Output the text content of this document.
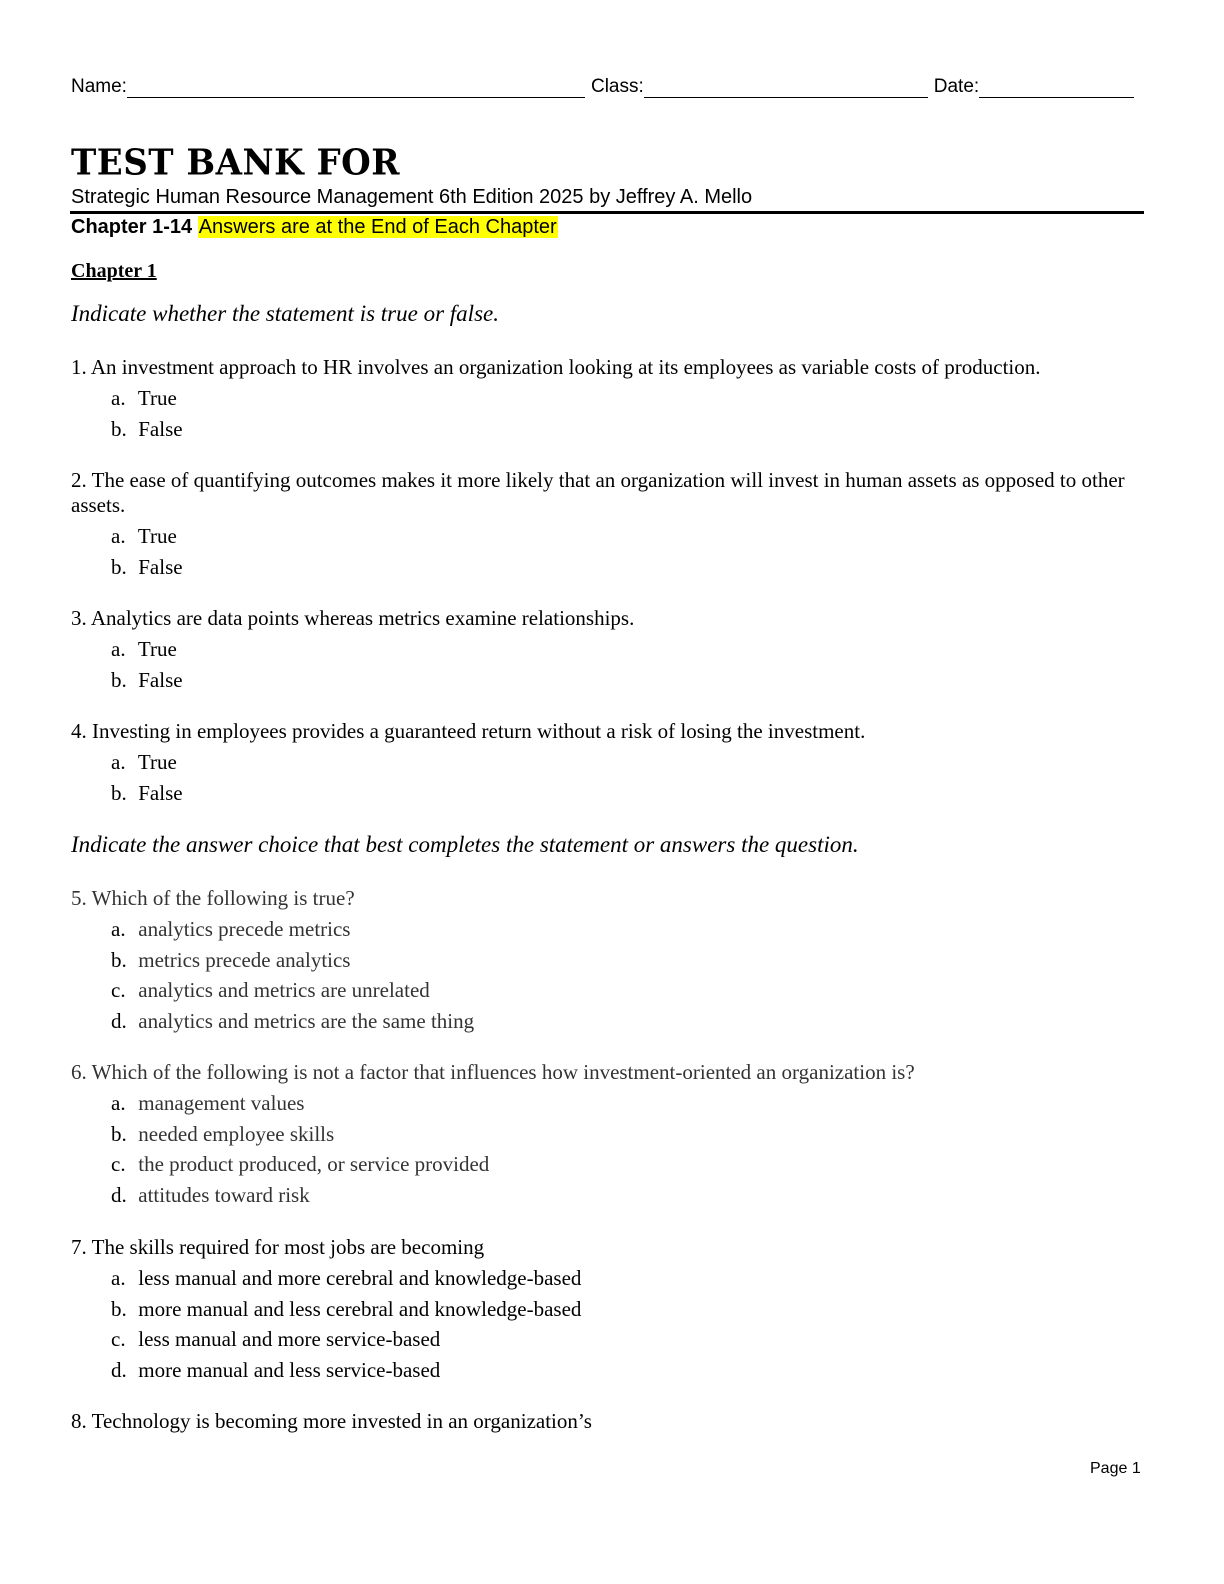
Name:	Class:	Date:
TEST BANK FOR
Strategic Human Resource Management 6th Edition 2025 by Jeffrey A. Mello
Chapter 1-14 Answers are at the End of Each Chapter
Chapter 1
Indicate whether the statement is true or false.

1. An investment approach to HR involves an organization looking at its employees as variable costs of production.

a. True
b. False

2. The ease of quantifying outcomes makes it more likely that an organization will invest in human assets as opposed to other assets.

a. True
b. False

3. Analytics are data points whereas metrics examine relationships.

a. True
b. False

4. Investing in employees provides a guaranteed return without a risk of losing the investment.

a. True
b. False
Indicate the answer choice that best completes the statement or answers the question.

5. Which of the following is true?

a. analytics precede metrics
b. metrics precede analytics
c. analytics and metrics are unrelated
d. analytics and metrics are the same thing

6. Which of the following is not a factor that influences how investment-oriented an organization is?

a. management values
b. needed employee skills
c. the product produced, or service provided
d. attitudes toward risk

7. The skills required for most jobs are becoming

a. less manual and more cerebral and knowledge-based
b. more manual and less cerebral and knowledge-based
c. less manual and more service-based
d. more manual and less service-based

8. Technology is becoming more invested in an organization’s

Page 1
